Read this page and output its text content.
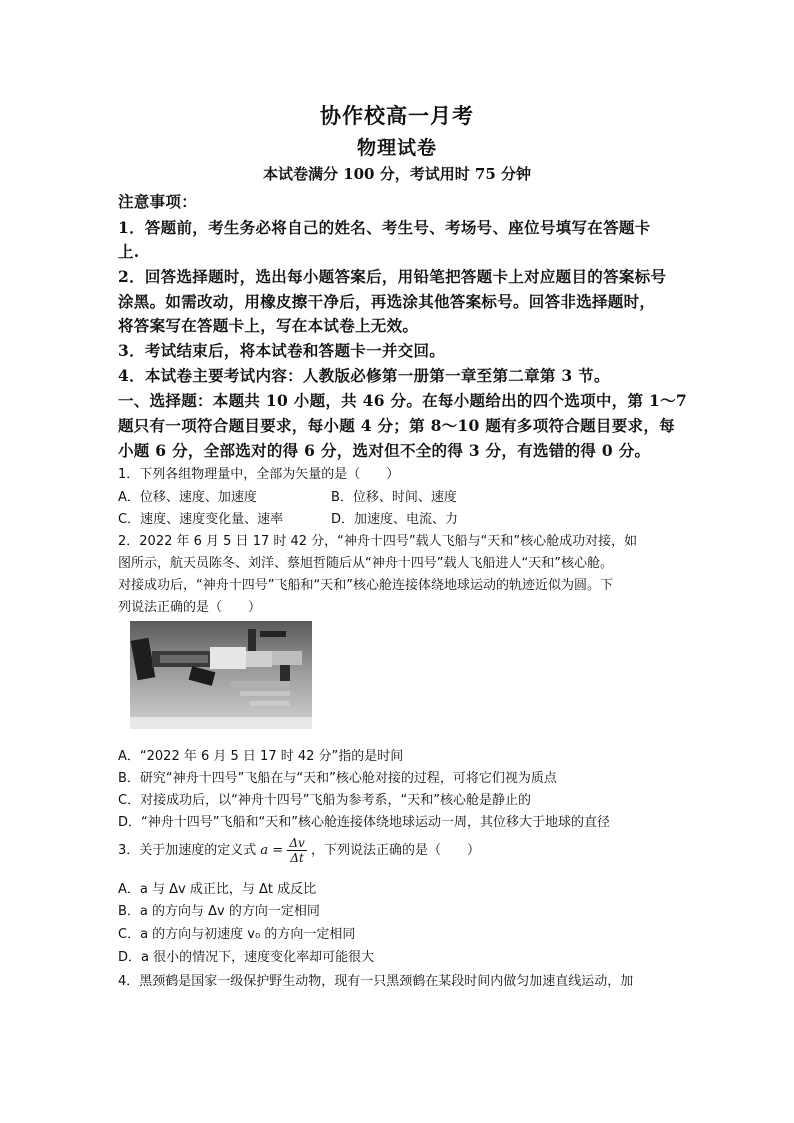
协作校高一月考
物理试卷
本试卷满分 100 分，考试用时 75 分钟
注意事项：
1．答题前，考生务必将自己的姓名、考生号、考场号、座位号填写在答题卡
上.
2．回答选择题时，选出每小题答案后，用铅笔把答题卡上对应题目的答案标号
涂黑。如需改动，用橡皮擦干净后，再选涂其他答案标号。回答非选择题时，
将答案写在答题卡上，写在本试卷上无效。
3．考试结束后，将本试卷和答题卡一并交回。
4．本试卷主要考试内容：人教版必修第一册第一章至第二章第 3 节。
一、选择题：本题共 10 小题，共 46 分。在每小题给出的四个选项中，第 1～7
题只有一项符合题目要求，每小题 4 分；第 8～10 题有多项符合题目要求，每
小题 6 分，全部选对的得 6 分，选对但不全的得 3 分，有选错的得 0 分。
1．下列各组物理量中，全部为矢量的是（　　）
A．位移、速度、加速度	B．位移、时间、速度
C．速度、速度变化量、速率	D．加速度、电流、力
2．2022 年 6 月 5 日 17 时 42 分，“神舟十四号”载人飞船与“天和”核心舱成功对接，如
图所示，航天员陈冬、刘洋、蔡旭哲随后从“神舟十四号”载人飞船进人“天和”核心舱。
对接成功后，“神舟十四号”飞船和“天和”核心舱连接体绕地球运动的轨迹近似为圆。下
列说法正确的是（　　）
A．“2022 年 6 月 5 日 17 时 42 分”指的是时间
B．研究“神舟十四号”飞船在与“天和”核心舱对接的过程，可将它们视为质点
C．对接成功后，以“神舟十四号”飞船为参考系，“天和”核心舱是静止的
D．“神舟十四号”飞船和“天和”核心舱连接体绕地球运动一周，其位移大于地球的直径
3．关于加速度的定义式 $a = \frac{\Delta v}{\Delta t}$ ，下列说法正确的是（　　）
A．a 与 Δv 成正比，与 Δt 成反比
B．a 的方向与 Δv 的方向一定相同
C．a 的方向与初速度 v₀ 的方向一定相同
D．a 很小的情况下，速度变化率却可能很大
4．黑颈鹤是国家一级保护野生动物，现有一只黑颈鹤在某段时间内做匀加速直线运动，加
